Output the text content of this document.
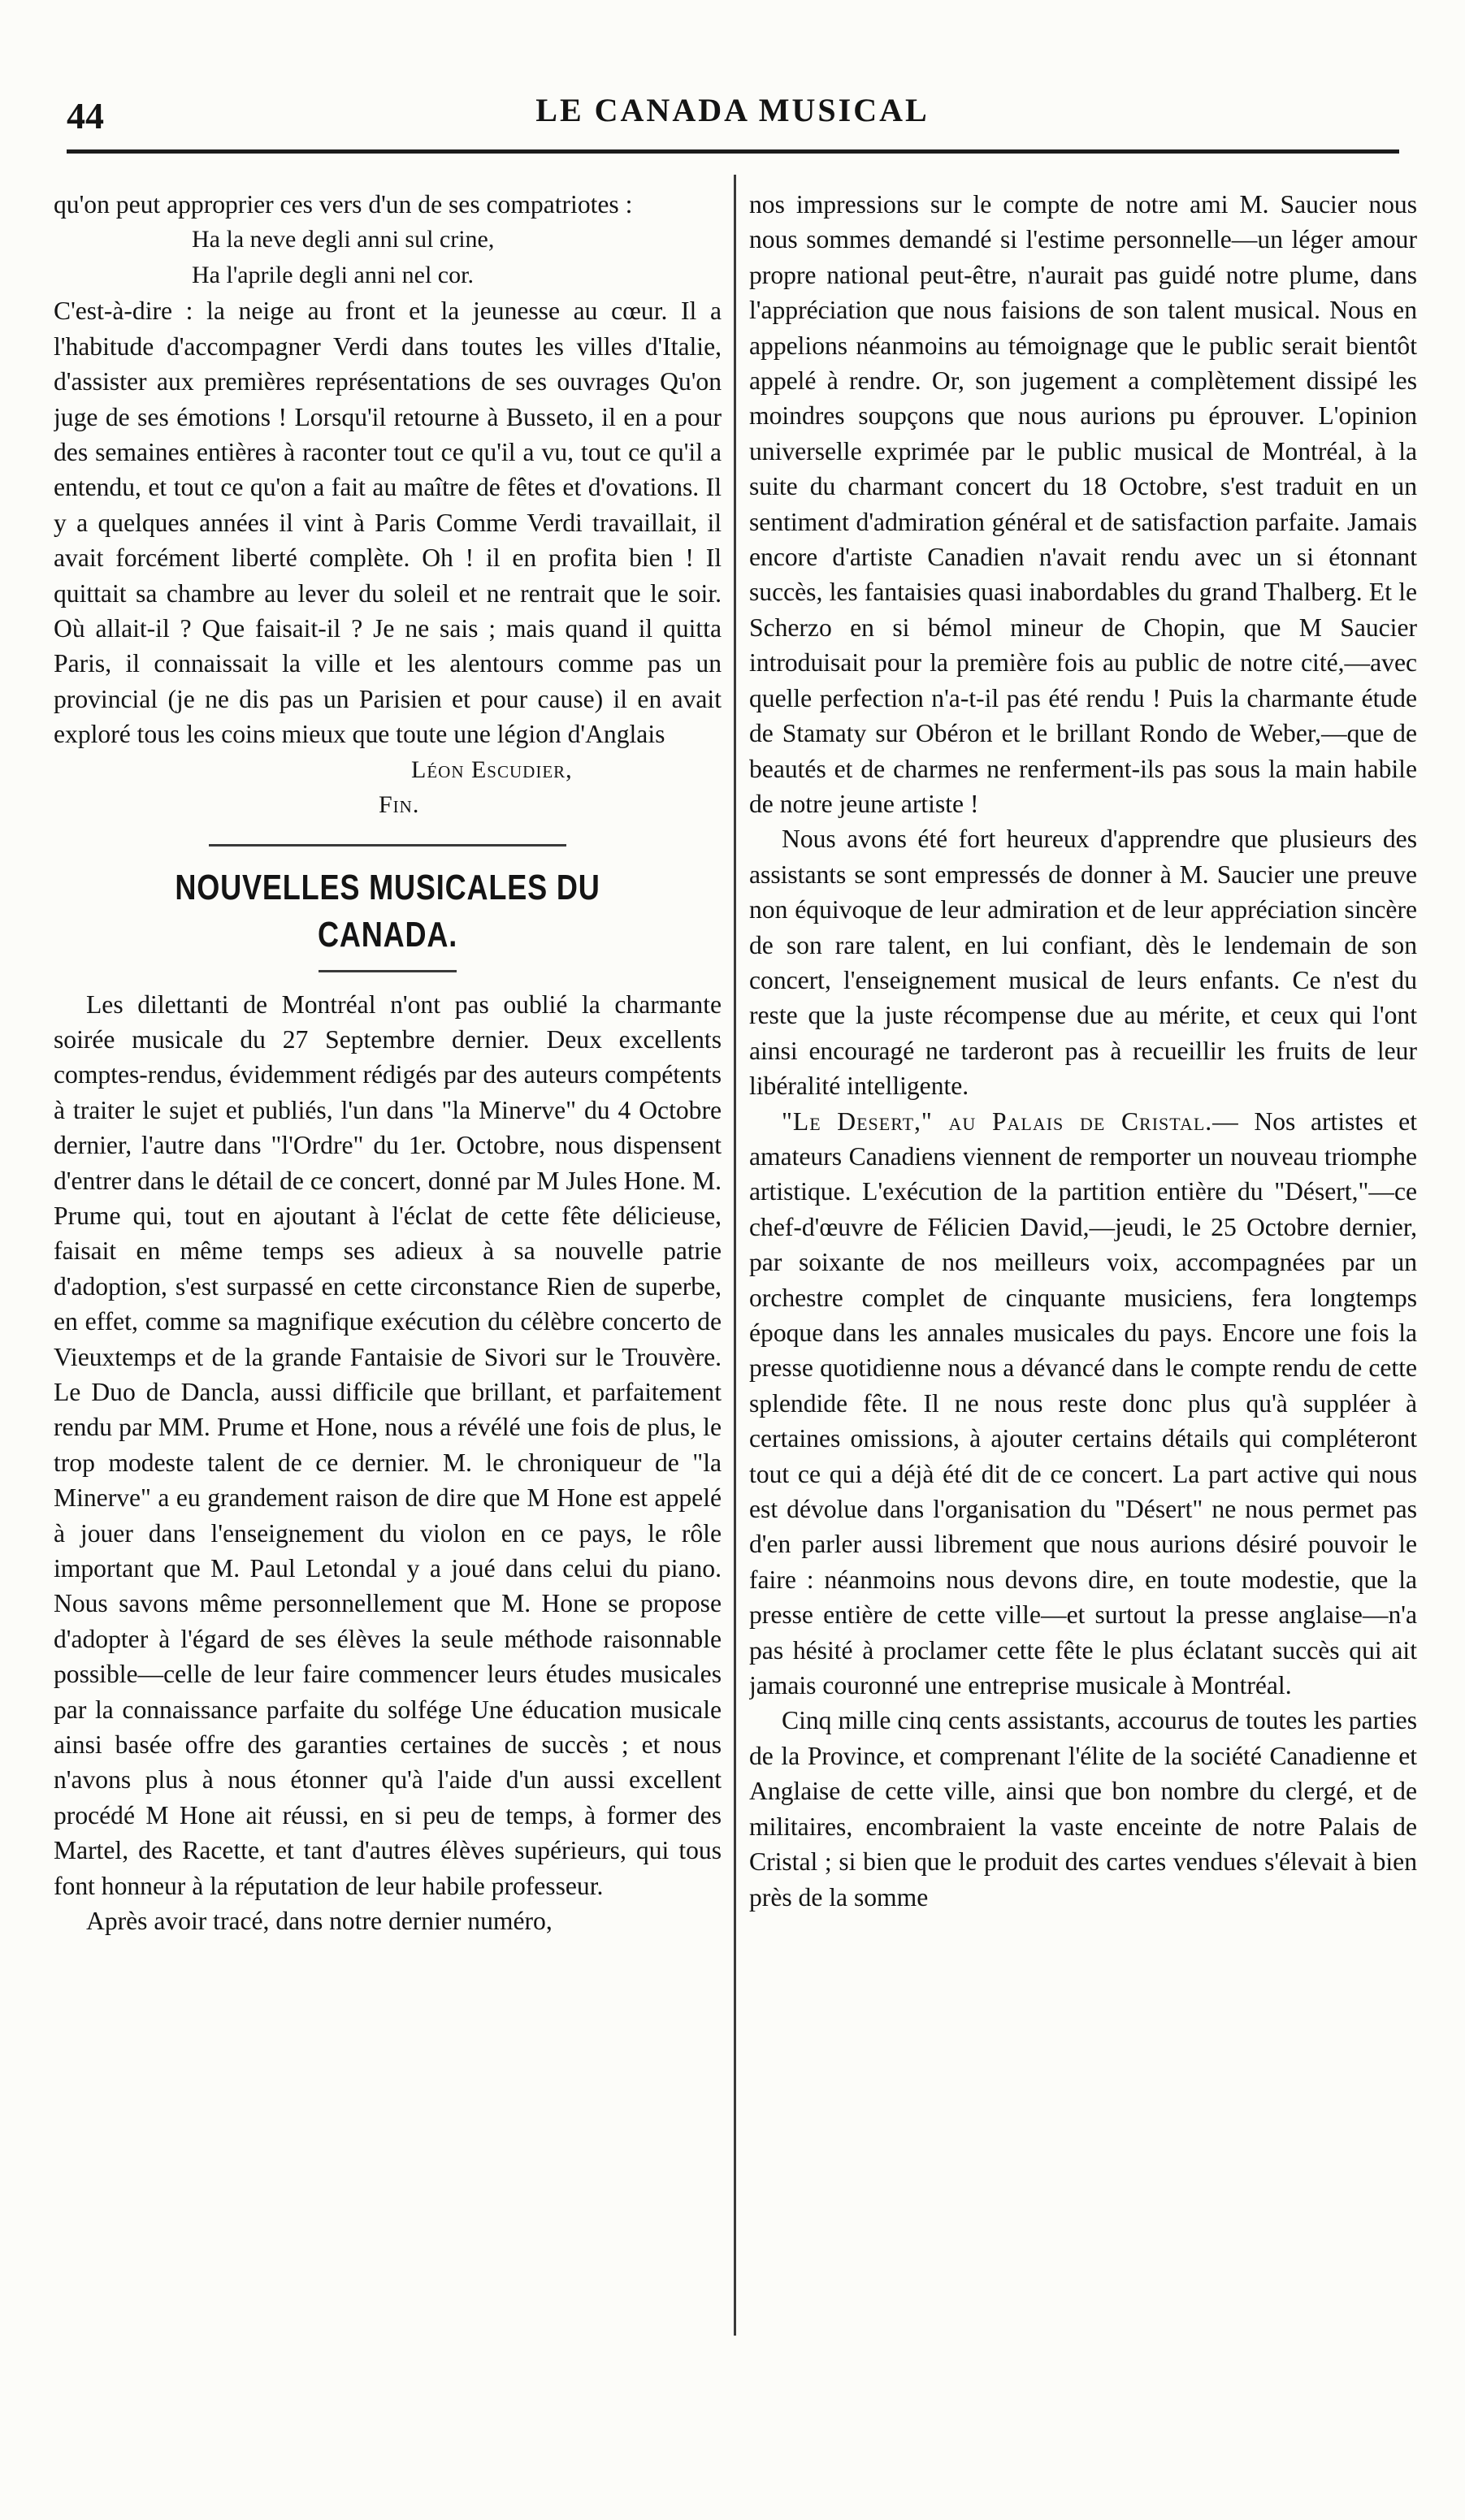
44	LE CANADA MUSICAL

qu'on peut approprier ces vers d'un de ses compatriotes :

Ha la neve degli anni sul crine,

Ha l'aprile degli anni nel cor.

C'est-à-dire : la neige au front et la jeunesse au cœur. Il a l'habitude d'accompagner Verdi dans toutes les villes d'Italie, d'assister aux premières représentations de ses ouvrages Qu'on juge de ses émotions ! Lorsqu'il retourne à Busseto, il en a pour des semaines entières à raconter tout ce qu'il a vu, tout ce qu'il a entendu, et tout ce qu'on a fait au maître de fêtes et d'ovations. Il y a quelques années il vint à Paris Comme Verdi travaillait, il avait forcément liberté complète. Oh ! il en profita bien ! Il quittait sa chambre au lever du soleil et ne rentrait que le soir. Où allait-il ? Que faisait-il ? Je ne sais ; mais quand il quitta Paris, il connaissait la ville et les alentours comme pas un provincial (je ne dis pas un Parisien et pour cause) il en avait exploré tous les coins mieux que toute une légion d'Anglais

Léon Escudier,

Fin.

NOUVELLES MUSICALES DU

CANADA.

Les dilettanti de Montréal n'ont pas oublié la charmante soirée musicale du 27 Septembre dernier. Deux excellents comptes-rendus, évidemment rédigés par des auteurs compétents à traiter le sujet et publiés, l'un dans "la Minerve" du 4 Octobre dernier, l'autre dans "l'Ordre" du 1er. Octobre, nous dispensent d'entrer dans le détail de ce concert, donné par M Jules Hone. M. Prume qui, tout en ajoutant à l'éclat de cette fête délicieuse, faisait en même temps ses adieux à sa nouvelle patrie d'adoption, s'est surpassé en cette circonstance Rien de superbe, en effet, comme sa magnifique exécution du célèbre concerto de Vieuxtemps et de la grande Fantaisie de Sivori sur le Trouvère. Le Duo de Dancla, aussi difficile que brillant, et parfaitement rendu par MM. Prume et Hone, nous a révélé une fois de plus, le trop modeste talent de ce dernier. M. le chroniqueur de "la Minerve" a eu grandement raison de dire que M Hone est appelé à jouer dans l'enseignement du violon en ce pays, le rôle important que M. Paul Letondal y a joué dans celui du piano. Nous savons même personnellement que M. Hone se propose d'adopter à l'égard de ses élèves la seule méthode raisonnable possible—celle de leur faire commencer leurs études musicales par la connaissance parfaite du solfége Une éducation musicale ainsi basée offre des garanties certaines de succès ; et nous n'avons plus à nous étonner qu'à l'aide d'un aussi excellent procédé M Hone ait réussi, en si peu de temps, à former des Martel, des Racette, et tant d'autres élèves supérieurs, qui tous font honneur à la réputation de leur habile professeur.

Après avoir tracé, dans notre dernier numéro,

nos impressions sur le compte de notre ami M. Saucier nous nous sommes demandé si l'estime personnelle—un léger amour propre national peut-être, n'aurait pas guidé notre plume, dans l'appréciation que nous faisions de son talent musical. Nous en appelions néanmoins au témoignage que le public serait bientôt appelé à rendre. Or, son jugement a complètement dissipé les moindres soupçons que nous aurions pu éprouver. L'opinion universelle exprimée par le public musical de Montréal, à la suite du charmant concert du 18 Octobre, s'est traduit en un sentiment d'admiration général et de satisfaction parfaite. Jamais encore d'artiste Canadien n'avait rendu avec un si étonnant succès, les fantaisies quasi inabordables du grand Thalberg. Et le Scherzo en si bémol mineur de Chopin, que M Saucier introduisait pour la première fois au public de notre cité,—avec quelle perfection n'a-t-il pas été rendu ! Puis la charmante étude de Stamaty sur Obéron et le brillant Rondo de Weber,—que de beautés et de charmes ne renferment-ils pas sous la main habile de notre jeune artiste !

Nous avons été fort heureux d'apprendre que plusieurs des assistants se sont empressés de donner à M. Saucier une preuve non équivoque de leur admiration et de leur appréciation sincère de son rare talent, en lui confiant, dès le lendemain de son concert, l'enseignement musical de leurs enfants. Ce n'est du reste que la juste récompense due au mérite, et ceux qui l'ont ainsi encouragé ne tarderont pas à recueillir les fruits de leur libéralité intelligente.

"Le Desert," au Palais de Cristal.— Nos artistes et amateurs Canadiens viennent de remporter un nouveau triomphe artistique. L'exécution de la partition entière du "Désert,"—ce chef-d'œuvre de Félicien David,—jeudi, le 25 Octobre dernier, par soixante de nos meilleurs voix, accompagnées par un orchestre complet de cinquante musiciens, fera longtemps époque dans les annales musicales du pays. Encore une fois la presse quotidienne nous a dévancé dans le compte rendu de cette splendide fête. Il ne nous reste donc plus qu'à suppléer à certaines omissions, à ajouter certains détails qui compléteront tout ce qui a déjà été dit de ce concert. La part active qui nous est dévolue dans l'organisation du "Désert" ne nous permet pas d'en parler aussi librement que nous aurions désiré pouvoir le faire : néanmoins nous devons dire, en toute modestie, que la presse entière de cette ville—et surtout la presse anglaise—n'a pas hésité à proclamer cette fête le plus éclatant succès qui ait jamais couronné une entreprise musicale à Montréal.

Cinq mille cinq cents assistants, accourus de toutes les parties de la Province, et comprenant l'élite de la société Canadienne et Anglaise de cette ville, ainsi que bon nombre du clergé, et de militaires, encombraient la vaste enceinte de notre Palais de Cristal ; si bien que le produit des cartes vendues s'élevait à bien près de la somme
